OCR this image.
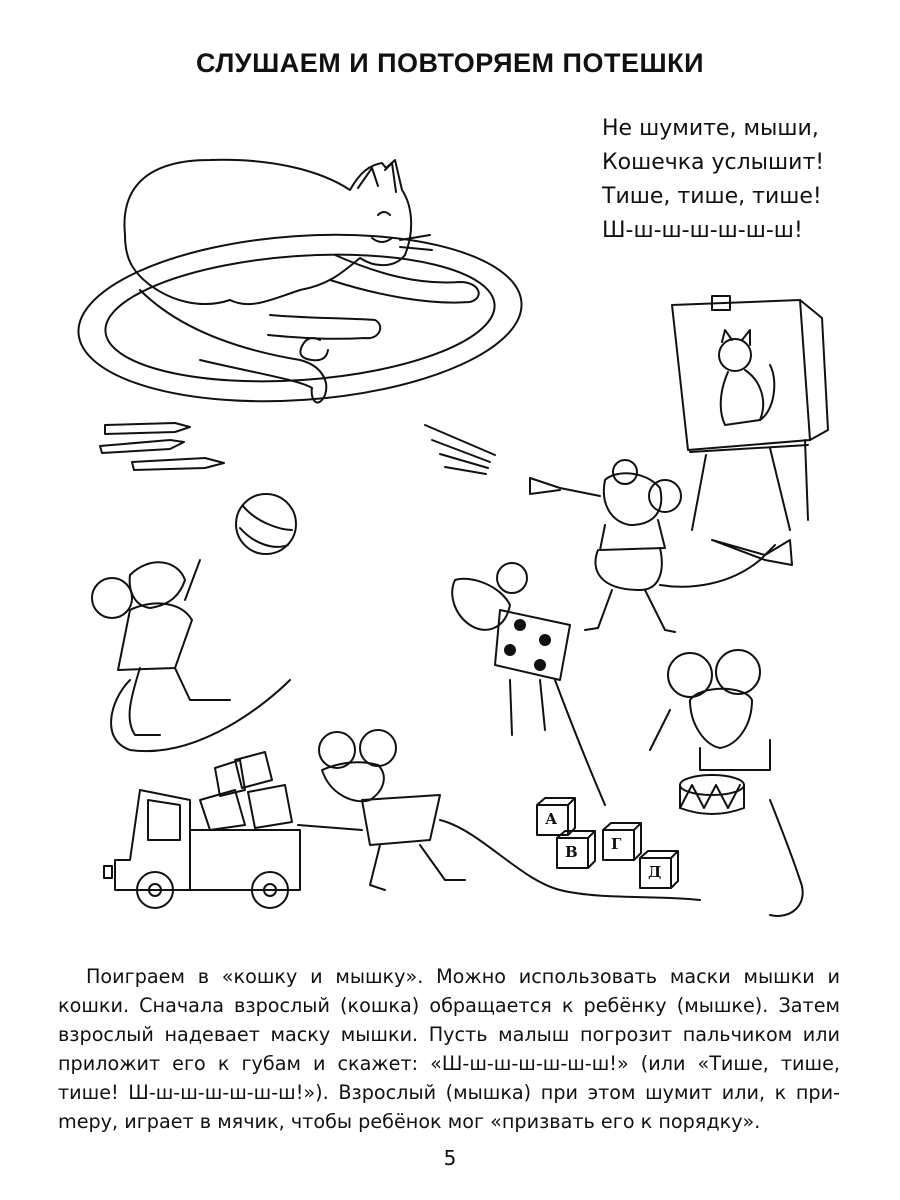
СЛУШАЕМ И ПОВТОРЯЕМ ПОТЕШКИ
Не шумите, мыши,
Кошечка услышит!
Тише, тише, тише!
Ш-ш-ш-ш-ш-ш-ш!
А
В Г
Д
Поиграем в «кошку и мышку». Можно использовать маски мышки и кошки. Сначала взрослый (кошка) обращается к ребёнку (мышке). Затем взрослый надевает маску мышки. Пусть малыш погрозит пальчиком или приложит его к губам и скажет: «Ш-ш-ш-ш-ш-ш-ш!» (или «Тише, тише, тише! Ш-ш-ш-ш-ш-ш-ш!»). Взрослый (мышка) при этом шумит или, к приmеру, играет в мячик, чтобы ребёнок мог «призвать его к порядку».
5
